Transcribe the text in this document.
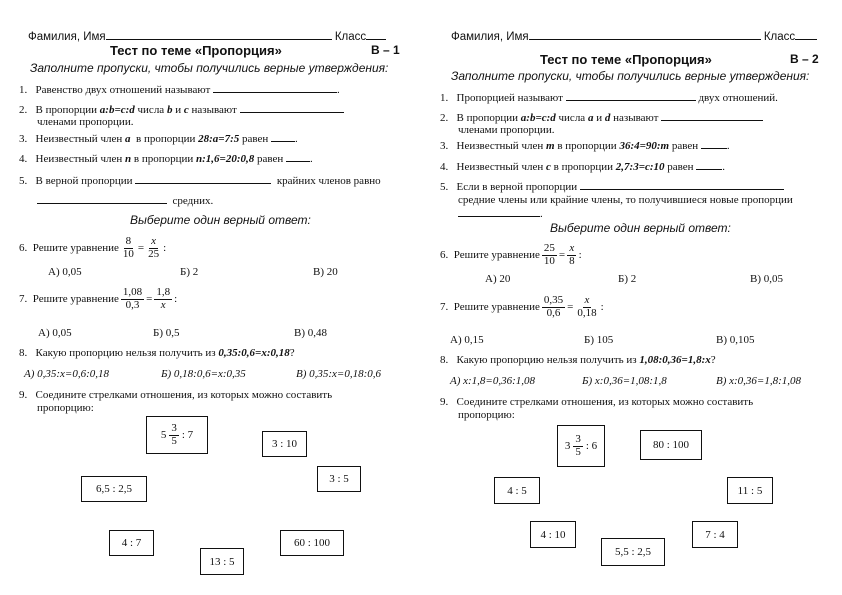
Фамилия, Имя	Класс
Тест по теме «Пропорция»	В – 1
Заполните пропуски, чтобы получились верные утверждения:
1. Равенство двух отношений называют	.
2. В пропорции a:b=c:d числа b и c называют
членами пропорции.
3. Неизвестный член a в пропорции 28:a=7:5 равен .
4. Неизвестный член n в пропорции n:1,6=20:0,8 равен .
5. В верной пропорции	крайних членов равно
средних.
Выберите один верный ответ:
6.
Решите уравнение $\frac{8}{10} = \frac{x}{25}$ :
А) 0,05	Б) 2	В) 20
7.
Решите уравнение $\frac{1,08}{0,3} = \frac{1,8}{x}$ :
А) 0,05	Б) 0,5	В) 0,48
8. Какую пропорцию нельзя получить из 0,35:0,6=x:0,18?
А) 0,35:x=0,6:0,18	Б) 0,18:0,6=x:0,35	В) 0,35:x=0,18:0,6
9. Соедините стрелками отношения, из которых можно составить
пропорцию:
$5 \frac{3}{5}$ : 7
3 : 10
3 : 5
6,5 : 2,5
4 : 7	60 : 100
13 : 5
Фамилия, Имя	Класс
Тест по теме «Пропорция»	В – 2
Заполните пропуски, чтобы получились верные утверждения:
1. Пропорцией называют	двух отношений.
2. В пропорции a:b=c:d числа a и d называют
членами пропорции.
3. Неизвестный член m в пропорции 36:4=90:m равен	.
4. Неизвестный член c в пропорции 2,7:3=c:10 равен	.
5. Если в верной пропорции
средние члены или крайние члены, то получившиеся новые пропорции
.
Выберите один верный ответ:
6.
Решите уравнение $\frac{25}{10} = \frac{x}{8}$ :
А) 20	Б) 2	В) 0,05
7.
Решите уравнение $\frac{0,35}{0,6} = \frac{x}{0,18}$ :
А) 0,15	Б) 105	В) 0,105
8. Какую пропорцию нельзя получить из 1,08:0,36=1,8:x?
А) x:1,8=0,36:1,08	Б) x:0,36=1,08:1,8	В) x:0,36=1,8:1,08
9. Соедините стрелками отношения, из которых можно составить
пропорцию:
$3 \frac{3}{5}$ : 6	80 : 100
4 : 5	11 : 5
4 : 10	7 : 4
5,5 : 2,5
